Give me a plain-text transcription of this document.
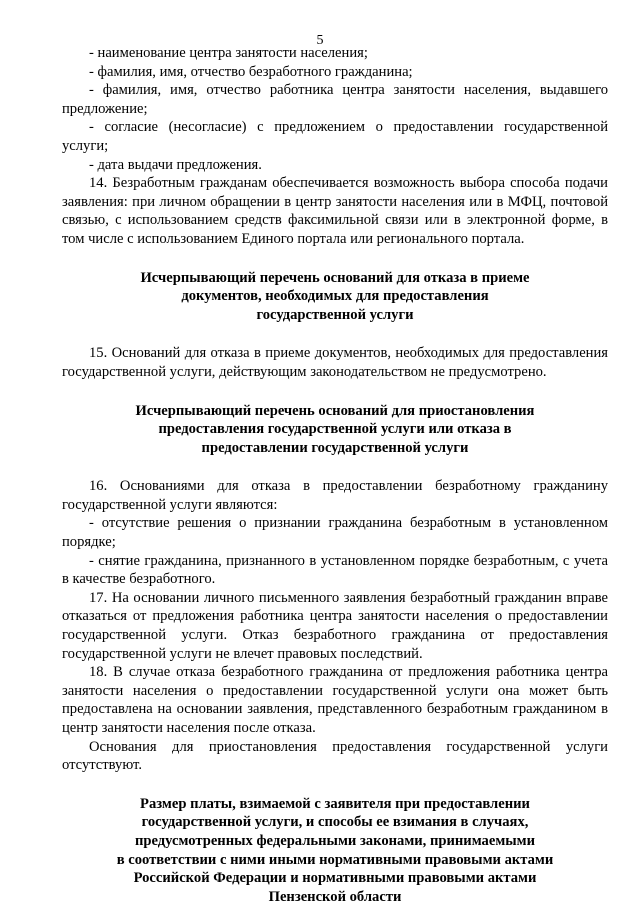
5

- наименование центра занятости населения;

- фамилия, имя, отчество безработного гражданина;

- фамилия, имя, отчество работника центра занятости населения, выдавшего предложение;

- согласие (несогласие) с предложением о предоставлении государственной услуги;

- дата выдачи предложения.

14. Безработным гражданам обеспечивается возможность выбора способа подачи заявления: при личном обращении в центр занятости населения или в МФЦ, почтовой связью, с использованием средств факсимильной связи или в электронной форме, в том числе с использованием Единого портала или регионального портала.

Исчерпывающий перечень оснований для отказа в приеме
документов, необходимых для предоставления
государственной услуги

15. Оснований для отказа в приеме документов, необходимых для предоставления государственной услуги, действующим законодательством не предусмотрено.

Исчерпывающий перечень оснований для приостановления
предоставления государственной услуги или отказа в
предоставлении государственной услуги

16. Основаниями для отказа в предоставлении безработному гражданину государственной услуги являются:

- отсутствие решения о признании гражданина безработным в установленном порядке;

- снятие гражданина, признанного в установленном порядке безработным, с учета в качестве безработного.

17. На основании личного письменного заявления безработный гражданин вправе отказаться от предложения работника центра занятости населения о предоставлении государственной услуги. Отказ безработного гражданина от предоставления государственной услуги не влечет правовых последствий.

18. В случае отказа безработного гражданина от предложения работника центра занятости населения о предоставлении государственной услуги она может быть предоставлена на основании заявления, представленного безработным гражданином в центр занятости населения после отказа.

Основания для приостановления предоставления государственной услуги отсутствуют.

Размер платы, взимаемой с заявителя при предоставлении
государственной услуги, и способы ее взимания в случаях,
предусмотренных федеральными законами, принимаемыми
в соответствии с ними иными нормативными правовыми актами
Российской Федерации и нормативными правовыми актами
Пензенской области
